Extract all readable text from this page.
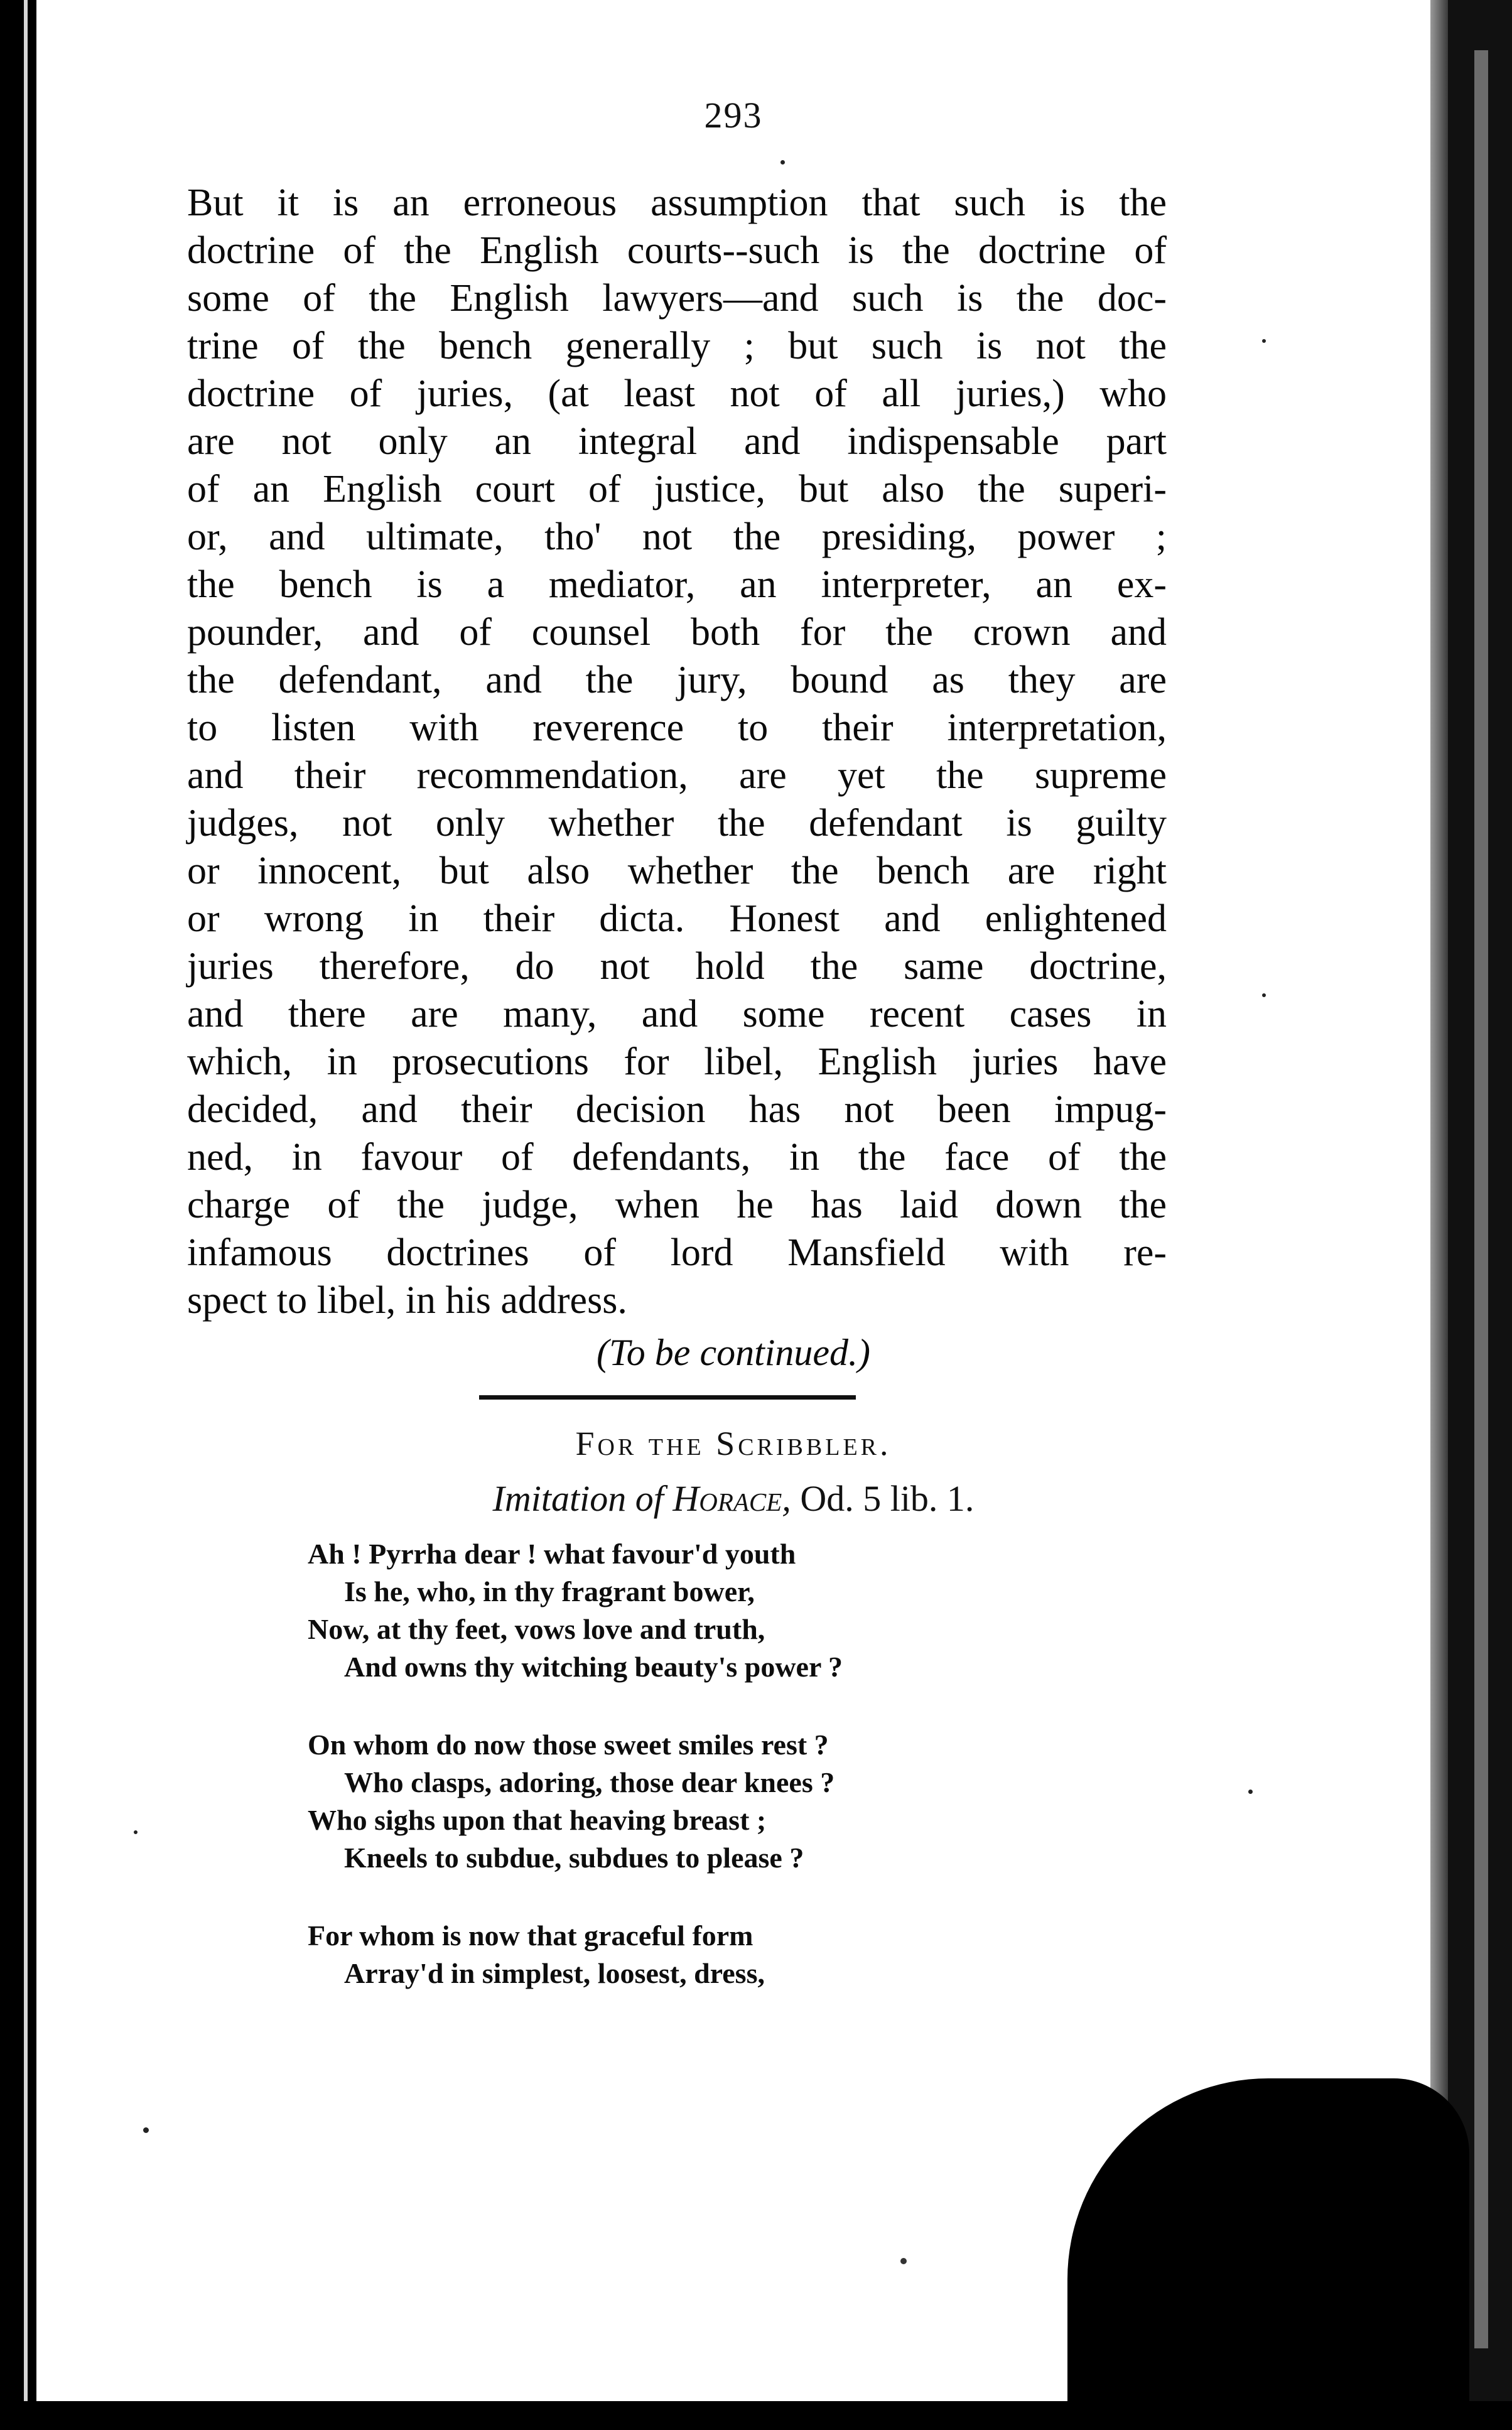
293
But it is an erroneous assumption that such is the
doctrine of the English courts--such is the doctrine of
some of the English lawyers—and such is the doc-
trine of the bench generally ; but such is not the
doctrine of juries, (at least not of all juries,) who
are not only an integral and indispensable part
of an English court of justice, but also the superi-
or, and ultimate, tho' not the presiding, power ;
the bench is a mediator, an interpreter, an ex-
pounder, and of counsel both for the crown and
the defendant, and the jury, bound as they are
to listen with reverence to their interpretation,
and their recommendation, are yet the supreme
judges, not only whether the defendant is guilty
or innocent, but also whether the bench are right
or wrong in their dicta. Honest and enlightened
juries therefore, do not hold the same doctrine,
and there are many, and some recent cases in
which, in prosecutions for libel, English juries have
decided, and their decision has not been impug-
ned, in favour of defendants, in the face of the
charge of the judge, when he has laid down the
infamous doctrines of lord Mansfield with re-
spect to libel, in his address.
(To be continued.)
For the Scribbler.
Imitation of Horace, Od. 5 lib. 1.
Ah ! Pyrrha dear ! what favour'd youth
Is he, who, in thy fragrant bower,
Now, at thy feet, vows love and truth,
And owns thy witching beauty's power ?
On whom do now those sweet smiles rest ?
Who clasps, adoring, those dear knees ?
Who sighs upon that heaving breast ;
Kneels to subdue, subdues to please ?
For whom is now that graceful form
Array'd in simplest, loosest, dress,
